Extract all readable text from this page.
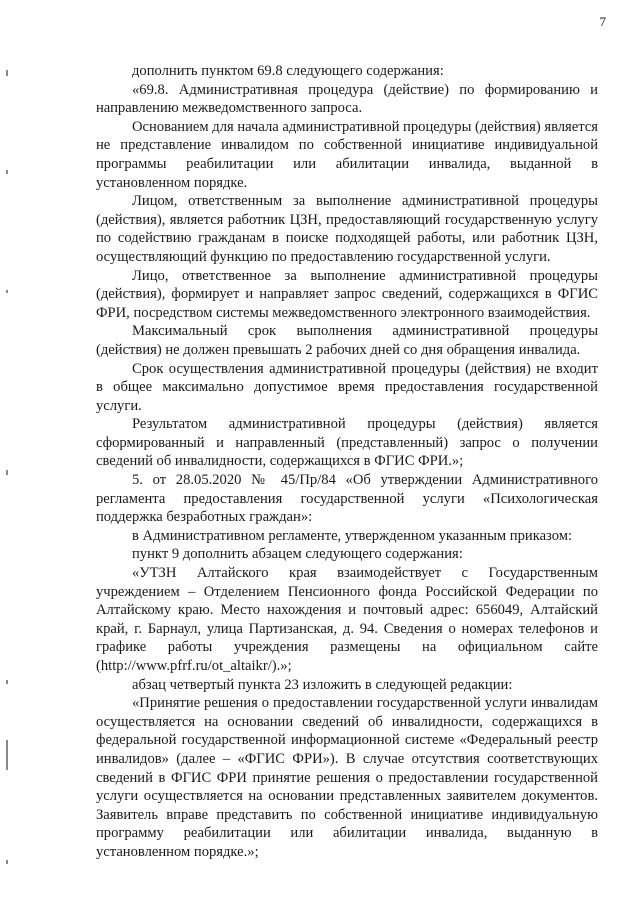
7

дополнить пунктом 69.8 следующего содержания:

«69.8. Административная процедура (действие) по формированию и направлению межведомственного запроса.

Основанием для начала административной процедуры (действия) является не представление инвалидом по собственной инициативе индивидуальной программы реабилитации или абилитации инвалида, выданной в установленном порядке.

Лицом, ответственным за выполнение административной процедуры (действия), является работник ЦЗН, предоставляющий государственную услугу по содействию гражданам в поиске подходящей работы, или работник ЦЗН, осуществляющий функцию по предоставлению государственной услуги.

Лицо, ответственное за выполнение административной процедуры (действия), формирует и направляет запрос сведений, содержащихся в ФГИС ФРИ, посредством системы межведомственного электронного взаимодействия.

Максимальный срок выполнения административной процедуры (действия) не должен превышать 2 рабочих дней со дня обращения инвалида.

Срок осуществления административной процедуры (действия) не входит в общее максимально допустимое время предоставления государственной услуги.

Результатом административной процедуры (действия) является сформированный и направленный (представленный) запрос о получении сведений об инвалидности, содержащихся в ФГИС ФРИ.»;

5. от 28.05.2020 № 45/Пр/84 «Об утверждении Административного регламента предоставления государственной услуги «Психологическая поддержка безработных граждан»:

в Административном регламенте, утвержденном указанным приказом:

пункт 9 дополнить абзацем следующего содержания:

«УТЗН Алтайского края взаимодействует с Государственным учреждением – Отделением Пенсионного фонда Российской Федерации по Алтайскому краю. Место нахождения и почтовый адрес: 656049, Алтайский край, г. Барнаул, улица Партизанская, д. 94. Сведения о номерах телефонов и графике работы учреждения размещены на официальном сайте (http://www.pfrf.ru/ot_altaikr/).»;

абзац четвертый пункта 23 изложить в следующей редакции:

«Принятие решения о предоставлении государственной услуги инвалидам осуществляется на основании сведений об инвалидности, содержащихся в федеральной государственной информационной системе «Федеральный реестр инвалидов» (далее – «ФГИС ФРИ»). В случае отсутствия соответствующих сведений в ФГИС ФРИ принятие решения о предоставлении государственной услуги осуществляется на основании представленных заявителем документов. Заявитель вправе представить по собственной инициативе индивидуальную программу реабилитации или абилитации инвалида, выданную в установленном порядке.»;
